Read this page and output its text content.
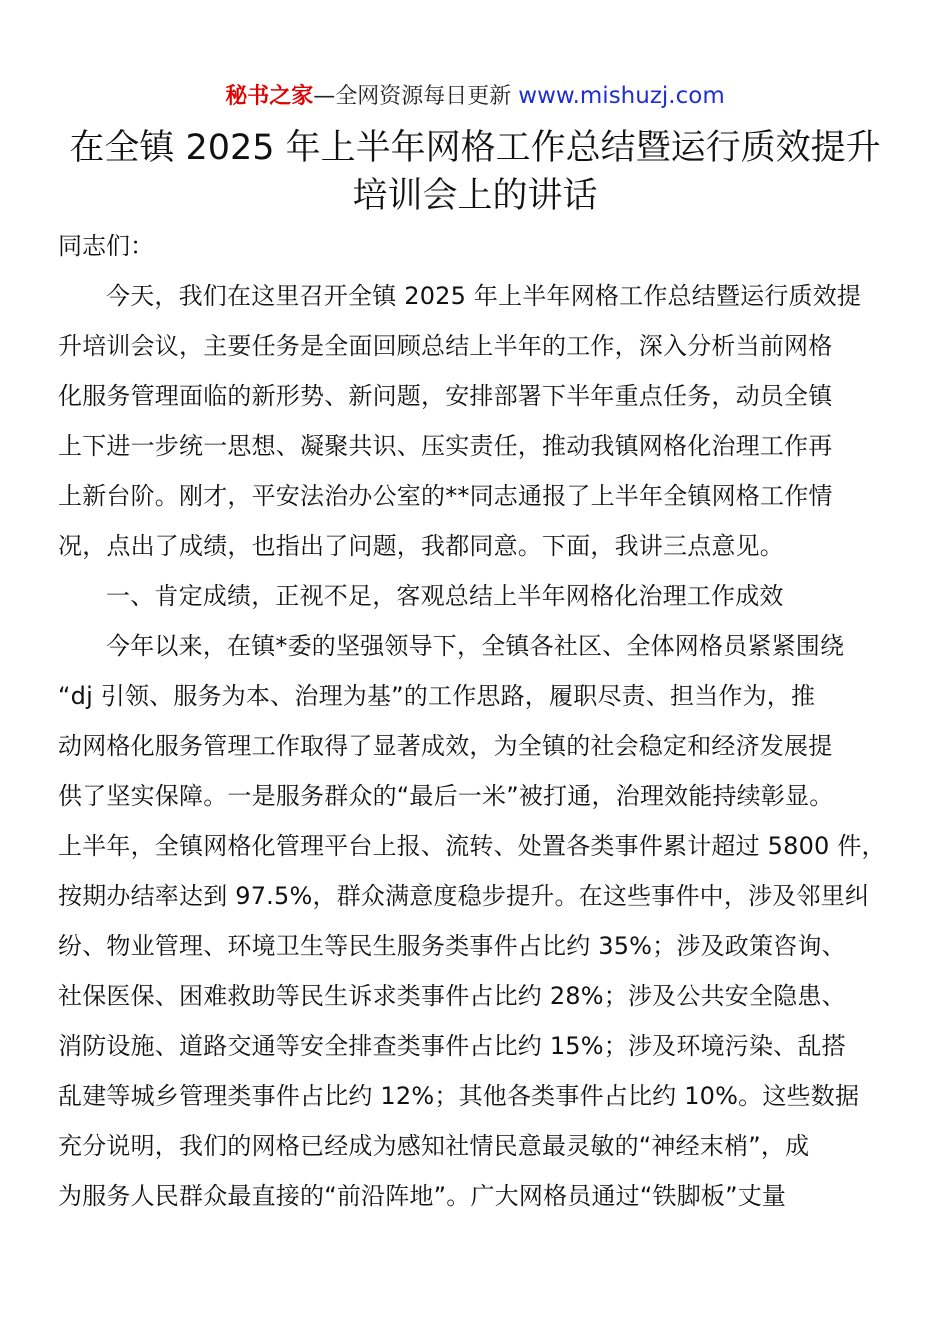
秘书之家—全网资源每日更新 www.mishuzj.com
在全镇 2025 年上半年网格工作总结暨运行质效提升
培训会上的讲话
同志们：
今天，我们在这里召开全镇 2025 年上半年网格工作总结暨运行质效提
升培训会议，主要任务是全面回顾总结上半年的工作，深入分析当前网格
化服务管理面临的新形势、新问题，安排部署下半年重点任务，动员全镇
上下进一步统一思想、凝聚共识、压实责任，推动我镇网格化治理工作再
上新台阶。刚才，平安法治办公室的**同志通报了上半年全镇网格工作情
况，点出了成绩，也指出了问题，我都同意。下面，我讲三点意见。
一、肯定成绩，正视不足，客观总结上半年网格化治理工作成效
今年以来，在镇*委的坚强领导下，全镇各社区、全体网格员紧紧围绕
“dj 引领、服务为本、治理为基”的工作思路，履职尽责、担当作为，推
动网格化服务管理工作取得了显著成效，为全镇的社会稳定和经济发展提
供了坚实保障。一是服务群众的“最后一米”被打通，治理效能持续彰显。
上半年，全镇网格化管理平台上报、流转、处置各类事件累计超过 5800 件，
按期办结率达到 97.5%，群众满意度稳步提升。在这些事件中，涉及邻里纠
纷、物业管理、环境卫生等民生服务类事件占比约 35%；涉及政策咨询、
社保医保、困难救助等民生诉求类事件占比约 28%；涉及公共安全隐患、
消防设施、道路交通等安全排查类事件占比约 15%；涉及环境污染、乱搭
乱建等城乡管理类事件占比约 12%；其他各类事件占比约 10%。这些数据
充分说明，我们的网格已经成为感知社情民意最灵敏的“神经末梢”，成
为服务人民群众最直接的“前沿阵地”。广大网格员通过“铁脚板”丈量
